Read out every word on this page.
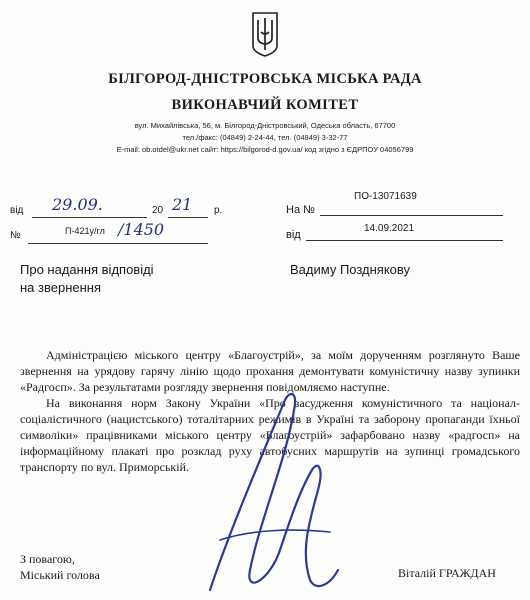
БІЛГОРОД-ДНІСТРОВСЬКА МІСЬКА РАДА
ВИКОНАВЧИЙ КОМІТЕТ
вул. Михайлівська, 56, м. Білгород-Дністровський, Одеська область, 67700
тел./факс: (04849) 2-24-44, тел. (04849) 3-32-77
E-mail: ob.otdel@ukr.net сайт: https://bilgorod-d.gov.ua/ код згідно з ЄДРПОУ 04056799
від 29.09.	20 21 р.
№	П-421у/гл /1450
На №
ПО-13071639
від
14.09.2021
Про надання відповіді
на звернення
Вадиму Позднякову

Адміністрацією міського центру «Благоустрій», за моїм дорученням розглянуто Ваше звернення на урядову гарячу лінію щодо прохання демонтувати комуністичну назву зупинки «Радгосп». За результатами розгляду звернення повідомляємо наступне.

На виконання норм Закону України «Про засудження комуністичного та націонал-соціалістичного (нацистського) тоталітарних режимів в Україні та заборону пропаганди їхньої символіки» працівниками міського центру «Благоустрій» зафарбовано назву «радгосп» на інформаційному плакаті про розклад руху автобусних маршрутів на зупинці громадського транспорту по вул. Приморській.

З повагою,
Міський голова	Віталій ГРАЖДАН
